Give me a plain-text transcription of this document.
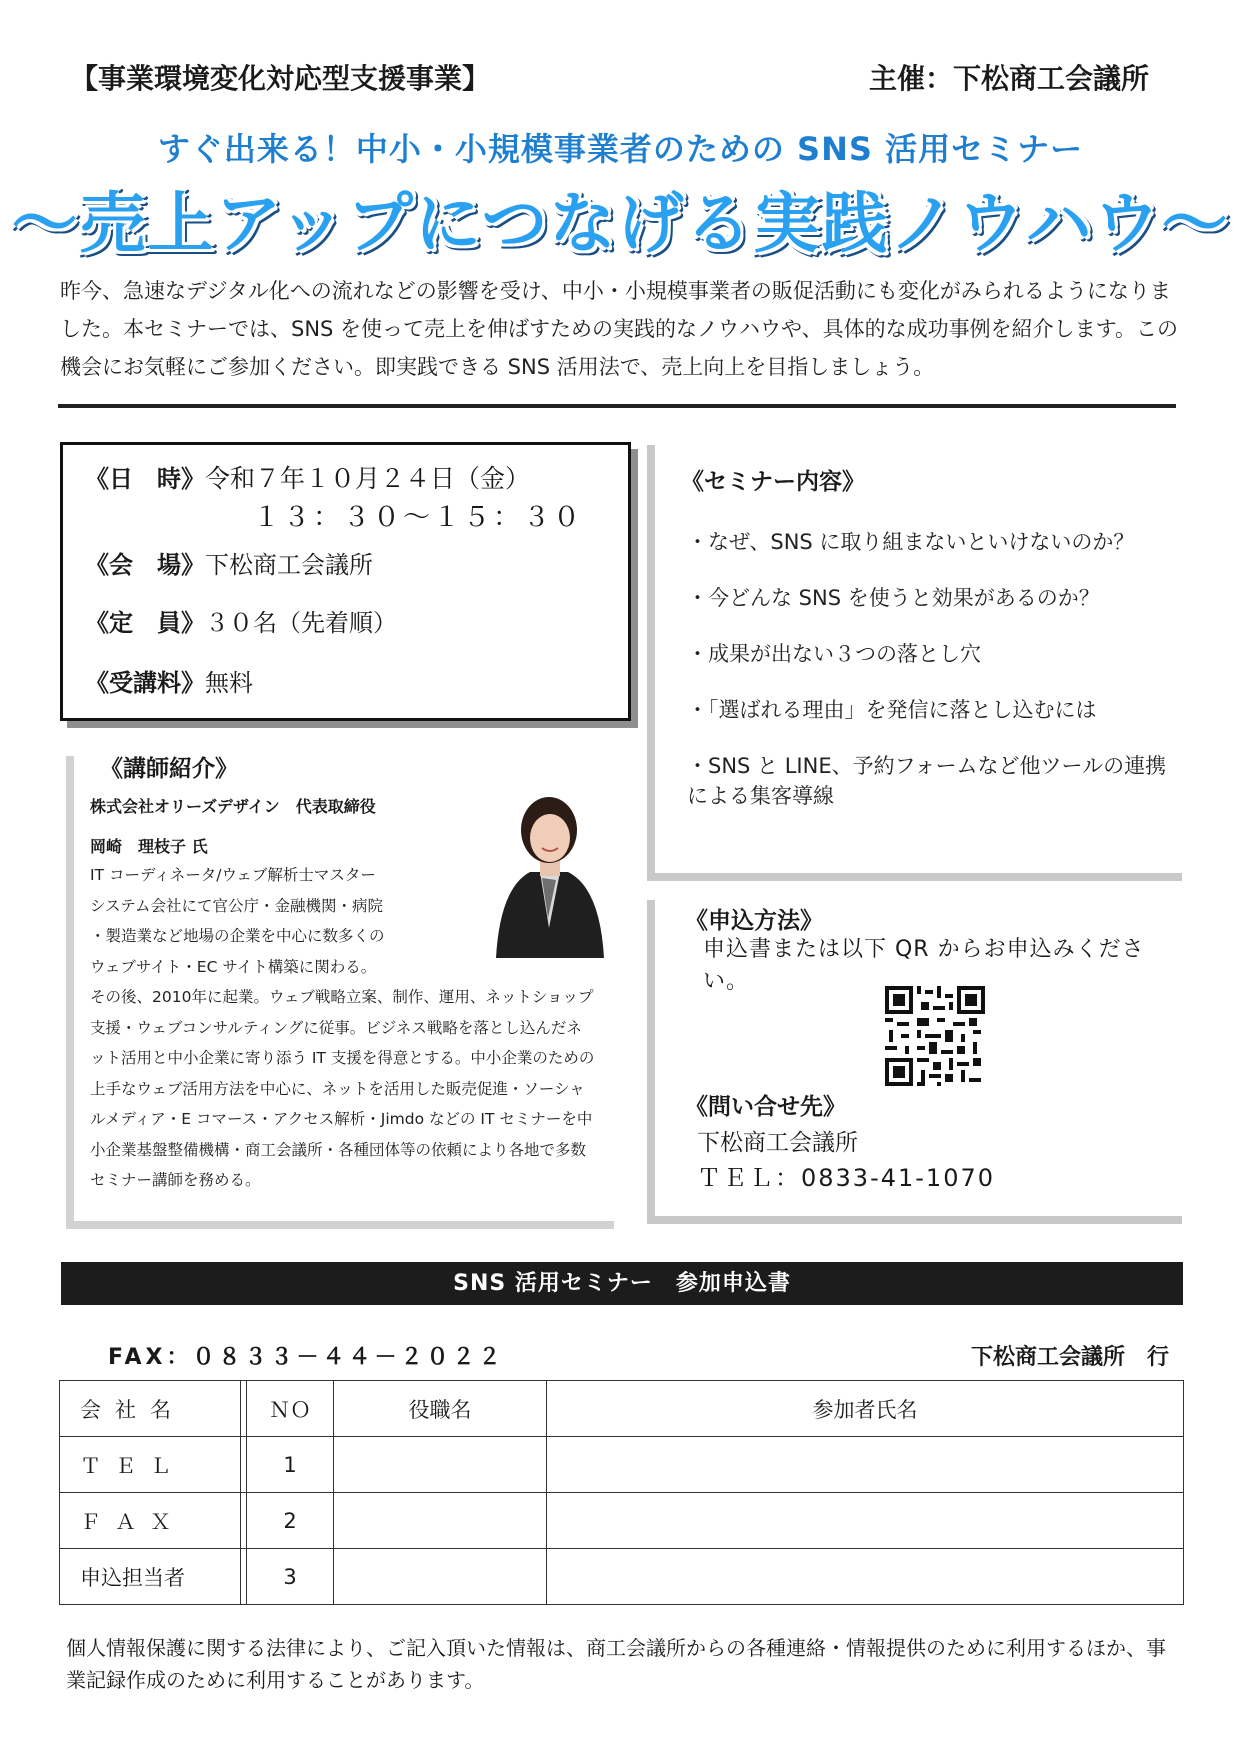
【事業環境変化対応型支援事業】	主催：下松商工会議所
すぐ出来る！中小・小規模事業者のための SNS 活用セミナー
～売上アップにつなげる実践ノウハウ～
昨今、急速なデジタル化への流れなどの影響を受け、中小・小規模事業者の販促活動にも変化がみられるようになりました。本セミナーでは、SNS を使って売上を伸ばすための実践的なノウハウや、具体的な成功事例を紹介します。この機会にお気軽にご参加ください。即実践できる SNS 活用法で、売上向上を目指しましょう。
《日　時》令和７年１０月２４日（金）
１３：３０～１５：３０
《会　場》下松商工会議所
《定　員》３０名（先着順）
《受講料》無料
《講師紹介》
株式会社オリーズデザイン　代表取締役
岡崎　理枝子 氏
IT コーディネータ/ウェブ解析士マスター
システム会社にて官公庁・金融機関・病院
・製造業など地場の企業を中心に数多くの
ウェブサイト・EC サイト構築に関わる。
その後、2010年に起業。ウェブ戦略立案、制作、運用、ネットショップ
支援・ウェブコンサルティングに従事。ビジネス戦略を落とし込んだネ
ット活用と中小企業に寄り添う IT 支援を得意とする。中小企業のための
上手なウェブ活用方法を中心に、ネットを活用した販売促進・ソーシャ
ルメディア・E コマース・アクセス解析・Jimdo などの IT セミナーを中
小企業基盤整備機構・商工会議所・各種団体等の依頼により各地で多数
セミナー講師を務める。
《セミナー内容》
・なぜ、SNS に取り組まないといけないのか？
・今どんな SNS を使うと効果があるのか？
・成果が出ない３つの落とし穴
・「選ばれる理由」を発信に落とし込むには
・SNS と LINE、予約フォームなど他ツールの連携　による集客導線
《申込方法》
申込書または以下 QR からお申込みください。
《問い合せ先》
下松商工会議所
ＴＥＬ：0833-41-1070
SNS 活用セミナー　参加申込書
FAX：０８３３－４４－２０２２	下松商工会議所　行
会社名		ＮＯ	役職名	参加者氏名
ＴＥＬ		1		
ＦＡＸ		2		
申込担当者		3		
個人情報保護に関する法律により、ご記入頂いた情報は、商工会議所からの各種連絡・情報提供のために利用するほか、事業記録作成のために利用することがあります。
